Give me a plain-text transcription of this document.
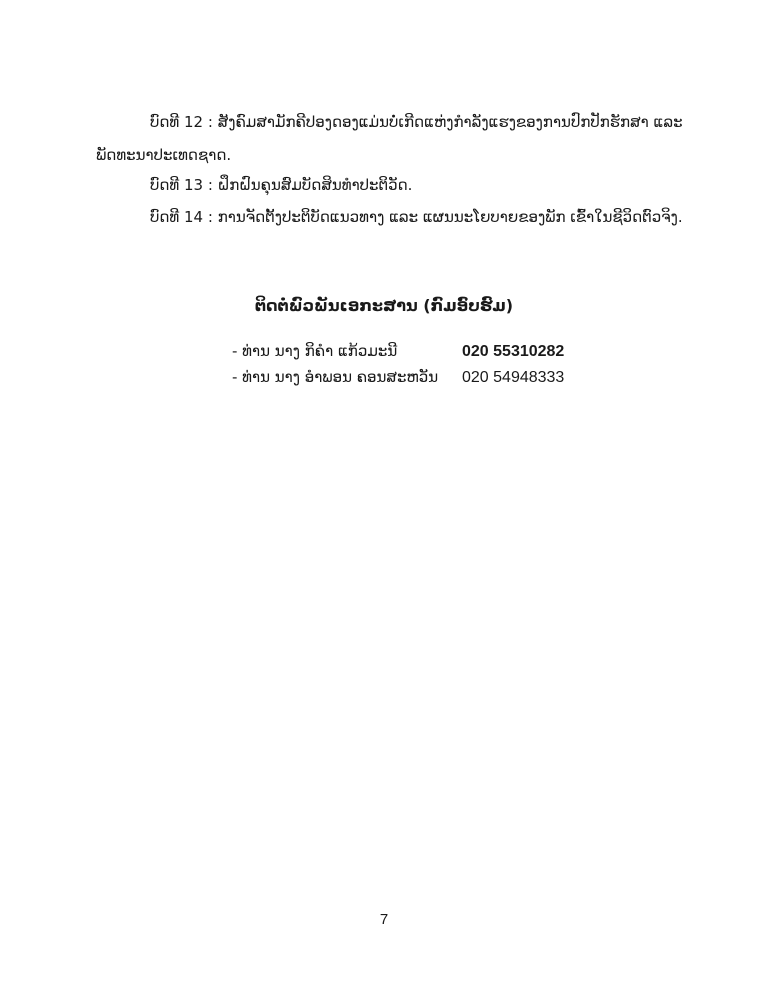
ບົດທີ 12 : ສັງຄົມສາມັກຄີປອງດອງແມ່ນບໍ່ເກີດແຫ່ງກຳລັງແຮງຂອງການປົກປັກຮັກສາ ແລະ
ພັດທະນາປະເທດຊາດ.
ບົດທີ 13 : ຝຶກຝົນຄຸນສົມບັດສິນທຳປະຕິວັດ.
ບົດທີ 14 : ການຈັດຕັ້ງປະຕິບັດແນວທາງ ແລະ ແຜນນະໂຍບາຍຂອງພັກ ເຂົ້າໃນຊີວິດຕົວຈິງ.
ຕິດຕໍ່ພົວພັນເອກະສານ (ກົມອົບຮົມ)
- ທ່ານ ນາງ ກິຄຳ ແກ້ວມະນີ	020 55310282
- ທ່ານ ນາງ ອຳພອນ ຄອນສະຫວັນ 020 54948333
7
